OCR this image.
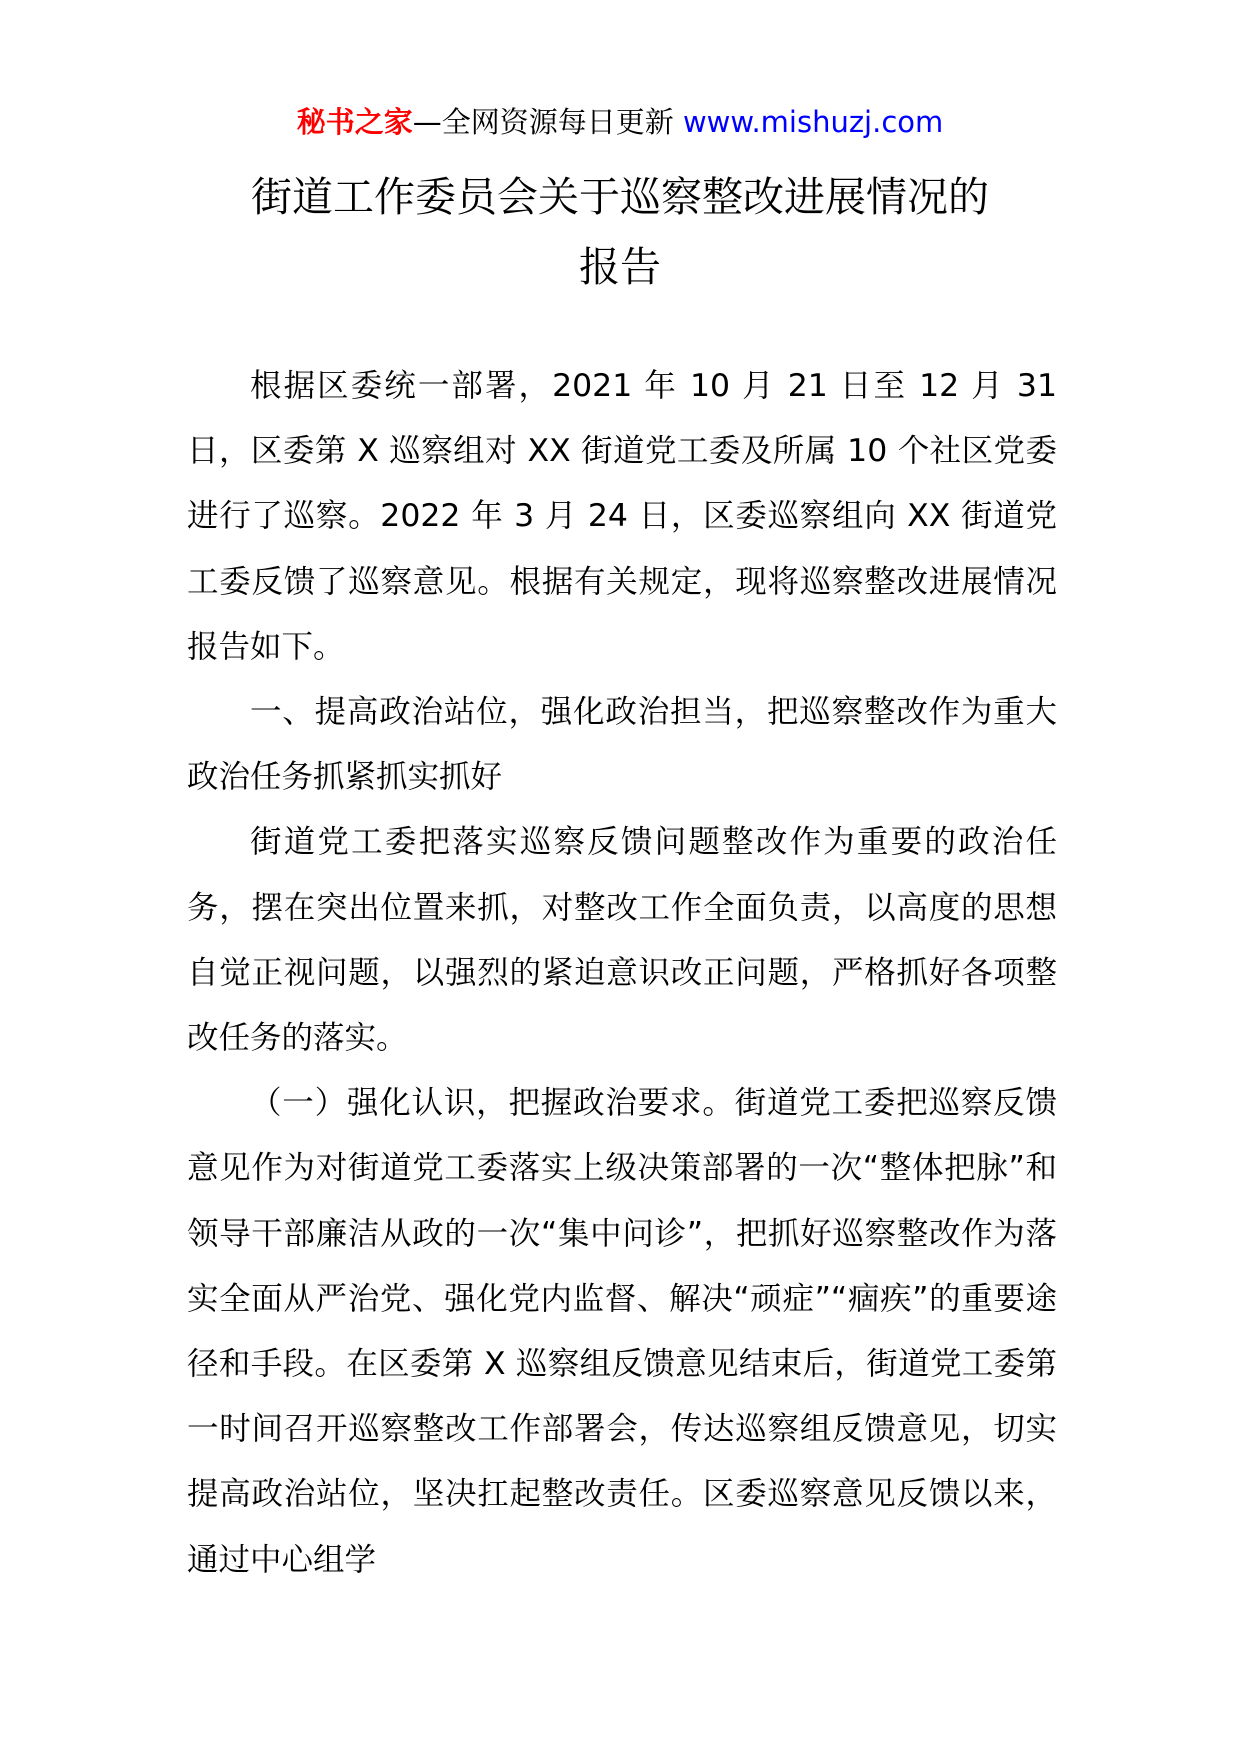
秘书之家—全网资源每日更新 www.mishuzj.com
街道工作委员会关于巡察整改进展情况的
报告

根据区委统一部署，2021 年 10 月 21 日至 12 月 31 日，区委第 X 巡察组对 XX 街道党工委及所属 10 个社区党委进行了巡察。2022 年 3 月 24 日，区委巡察组向 XX 街道党工委反馈了巡察意见。根据有关规定，现将巡察整改进展情况报告如下。

一、提高政治站位，强化政治担当，把巡察整改作为重大政治任务抓紧抓实抓好

街道党工委把落实巡察反馈问题整改作为重要的政治任务，摆在突出位置来抓，对整改工作全面负责，以高度的思想自觉正视问题，以强烈的紧迫意识改正问题，严格抓好各项整改任务的落实。

（一）强化认识，把握政治要求。街道党工委把巡察反馈意见作为对街道党工委落实上级决策部署的一次“整体把脉”和领导干部廉洁从政的一次“集中问诊”，把抓好巡察整改作为落实全面从严治党、强化党内监督、解决“顽症”“痼疾”的重要途径和手段。在区委第 X 巡察组反馈意见结束后，街道党工委第一时间召开巡察整改工作部署会，传达巡察组反馈意见，切实提高政治站位，坚决扛起整改责任。区委巡察意见反馈以来，通过中心组学
